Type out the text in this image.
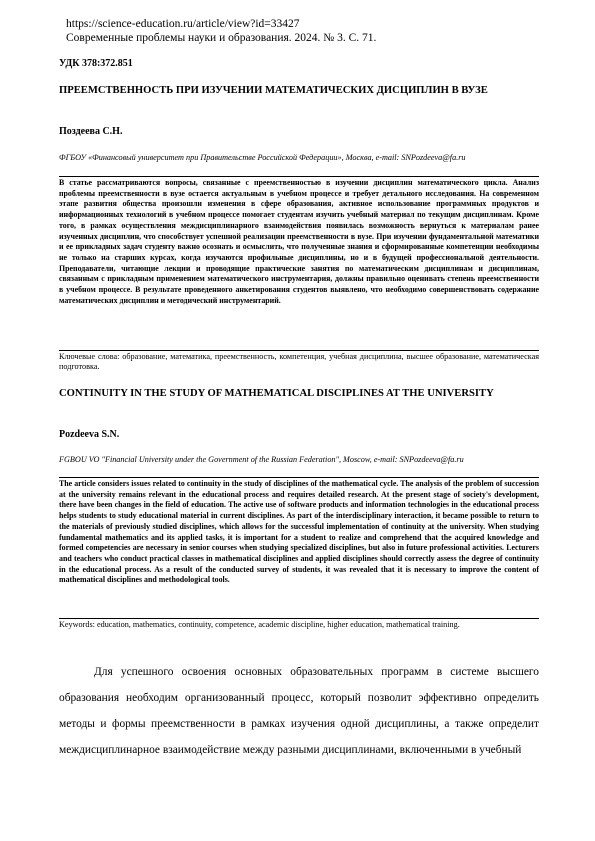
https://science-education.ru/article/view?id=33427
Современные проблемы науки и образования. 2024. № 3. С. 71.
УДК 378:372.851
ПРЕЕМСТВЕННОСТЬ ПРИ ИЗУЧЕНИИ МАТЕМАТИЧЕСКИХ ДИСЦИПЛИН В ВУЗЕ
Поздеева С.Н.
ФГБОУ «Финансовый университет при Правительстве Российской Федерации», Москва, e-mail: SNPozdeeva@fa.ru
В статье рассматриваются вопросы, связанные с преемственностью в изучении дисциплин математического цикла. Анализ проблемы преемственности в вузе остается актуальным в учебном процессе и требует детального исследования. На современном этапе развития общества произошли изменения в сфере образования, активное использование программных продуктов и информационных технологий в учебном процессе помогает студентам изучить учебный материал по текущим дисциплинам. Кроме того, в рамках осуществления междисциплинарного взаимодействия появилась возможность вернуться к материалам ранее изученных дисциплин, что способствует успешной реализации преемственности в вузе. При изучении фундаментальной математики и ее прикладных задач студенту важно осознать и осмыслить, что полученные знания и сформированные компетенции необходимы не только на старших курсах, когда изучаются профильные дисциплины, но и в будущей профессиональной деятельности. Преподаватели, читающие лекции и проводящие практические занятия по математическим дисциплинам и дисциплинам, связанным с прикладным применением математического инструментария, должны правильно оценивать степень преемственности в учебном процессе. В результате проведенного анкетирования студентов выявлено, что необходимо совершенствовать содержание математических дисциплин и методический инструментарий.
Ключевые слова: образование, математика, преемственность, компетенция, учебная дисциплина, высшее образование, математическая подготовка.
CONTINUITY IN THE STUDY OF MATHEMATICAL DISCIPLINES AT THE UNIVERSITY
Pozdeeva S.N.
FGBOU VO "Financial University under the Government of the Russian Federation", Moscow, e-mail: SNPozdeeva@fa.ru
The article considers issues related to continuity in the study of disciplines of the mathematical cycle. The analysis of the problem of succession at the university remains relevant in the educational process and requires detailed research. At the present stage of society's development, there have been changes in the field of education. The active use of software products and information technologies in the educational process helps students to study educational material in current disciplines. As part of the interdisciplinary interaction, it became possible to return to the materials of previously studied disciplines, which allows for the successful implementation of continuity at the university. When studying fundamental mathematics and its applied tasks, it is important for a student to realize and comprehend that the acquired knowledge and formed competencies are necessary in senior courses when studying specialized disciplines, but also in future professional activities. Lecturers and teachers who conduct practical classes in mathematical disciplines and applied disciplines should correctly assess the degree of continuity in the educational process. As a result of the conducted survey of students, it was revealed that it is necessary to improve the content of mathematical disciplines and methodological tools.
Keywords: education, mathematics, continuity, competence, academic discipline, higher education, mathematical training.
Для успешного освоения основных образовательных программ в системе высшего образования необходим организованный процесс, который позволит эффективно определить методы и формы преемственности в рамках изучения одной дисциплины, а также определит междисциплинарное взаимодействие между разными дисциплинами, включенными в учебный
